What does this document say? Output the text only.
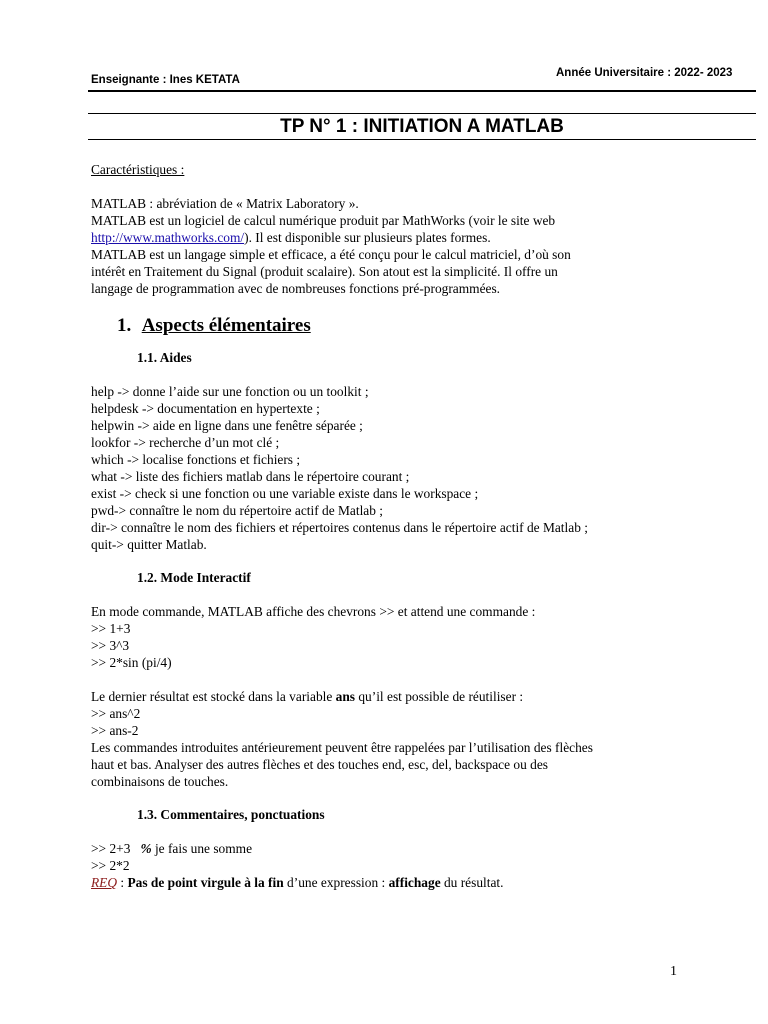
Année Universitaire : 2022- 2023
Enseignante : Ines KETATA
TP N° 1 : INITIATION A MATLAB

Caractéristiques :

MATLAB : abréviation de « Matrix Laboratory ».

MATLAB est un logiciel de calcul numérique produit par MathWorks (voir le site web

http://www.mathworks.com/). Il est disponible sur plusieurs plates formes.

MATLAB est un langage simple et efficace, a été conçu pour le calcul matriciel, d’où son

intérêt en Traitement du Signal (produit scalaire). Son atout est la simplicité. Il offre un

langage de programmation avec de nombreuses fonctions pré-programmées.

1. Aspects élémentaires

1.1. Aides

help -> donne l’aide sur une fonction ou un toolkit ;

helpdesk -> documentation en hypertexte ;

helpwin -> aide en ligne dans une fenêtre séparée ;

lookfor -> recherche d’un mot clé ;

which -> localise fonctions et fichiers ;

what -> liste des fichiers matlab dans le répertoire courant ;

exist -> check si une fonction ou une variable existe dans le workspace ;

pwd-> connaître le nom du répertoire actif de Matlab ;

dir-> connaître le nom des fichiers et répertoires contenus dans le répertoire actif de Matlab ;

quit-> quitter Matlab.

1.2. Mode Interactif

En mode commande, MATLAB affiche des chevrons >> et attend une commande :

>> 1+3

>> 3^3

>> 2*sin (pi/4)

Le dernier résultat est stocké dans la variable ans qu’il est possible de réutiliser :

>> ans^2

>> ans-2

Les commandes introduites antérieurement peuvent être rappelées par l’utilisation des flèches

haut et bas. Analyser des autres flèches et des touches end, esc, del, backspace ou des

combinaisons de touches.

1.3. Commentaires, ponctuations

>> 2+3 % je fais une somme

>> 2*2

REQ : Pas de point virgule à la fin d’une expression : affichage du résultat.

1
